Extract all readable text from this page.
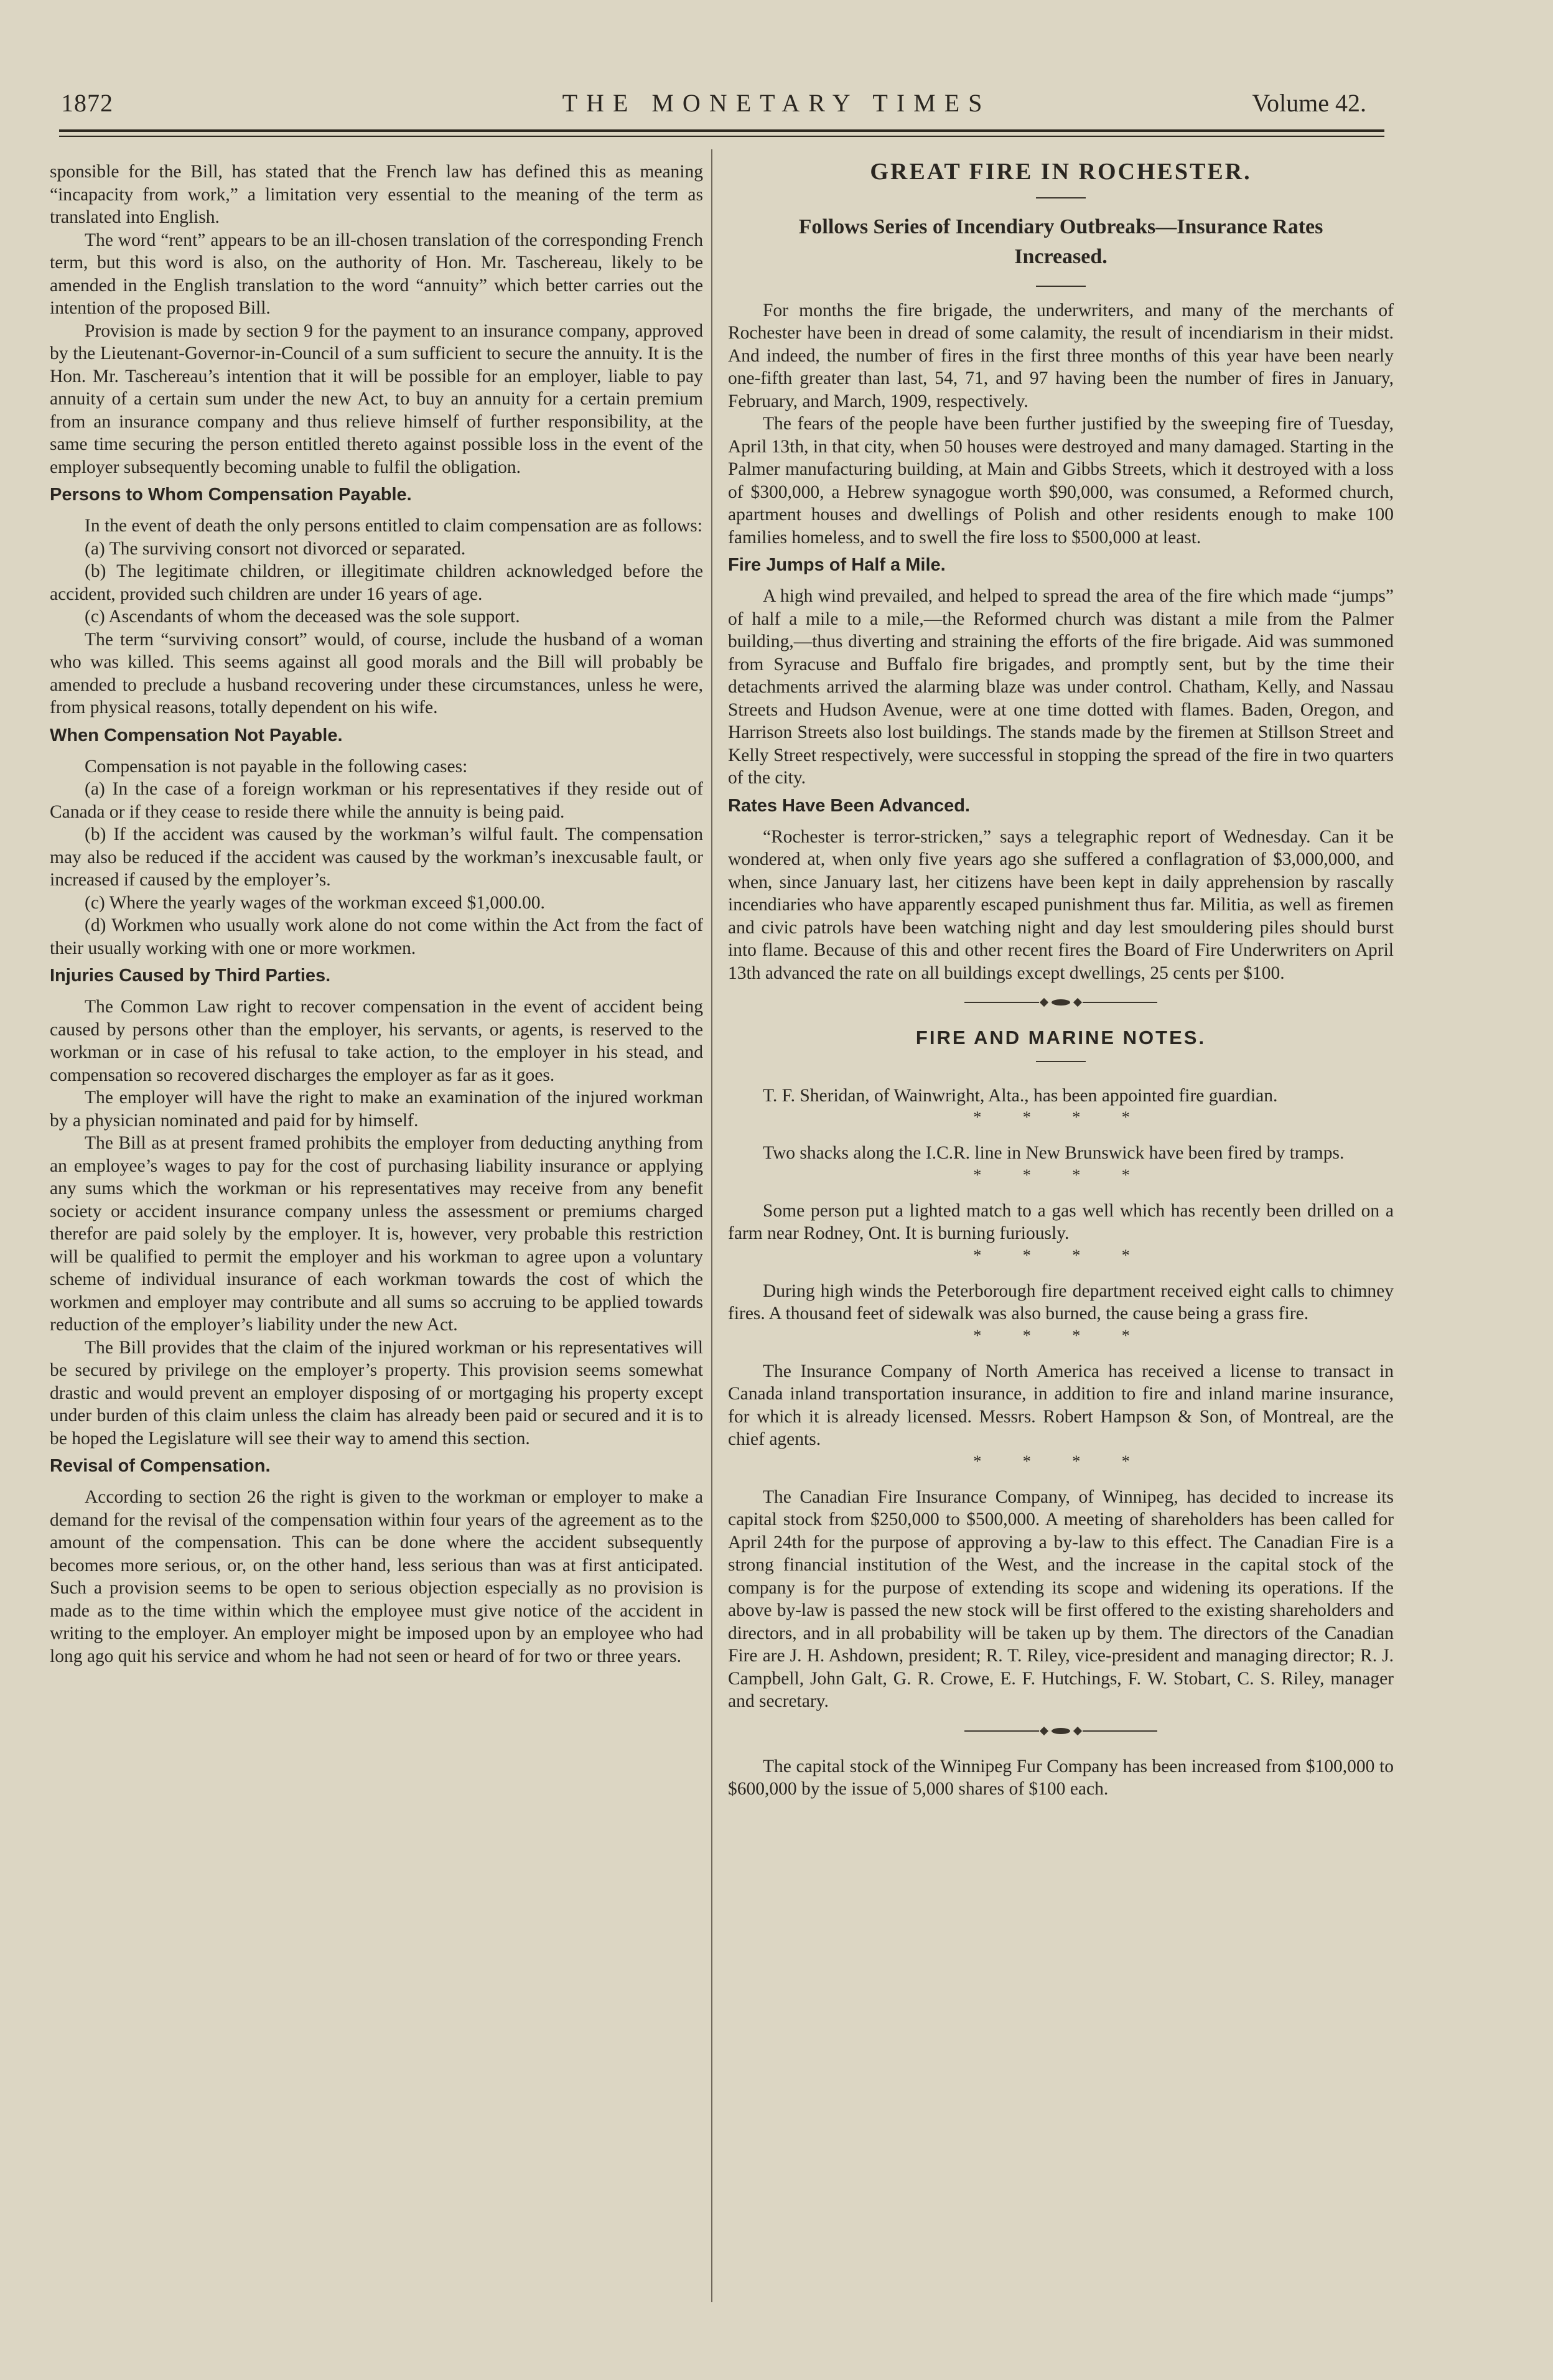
1872	THE MONETARY TIMES	Volume 42.

sponsible for the Bill, has stated that the French law has defined this as meaning “incapacity from work,” a limitation very essential to the meaning of the term as translated into English.

The word “rent” appears to be an ill-chosen translation of the corresponding French term, but this word is also, on the authority of Hon. Mr. Taschereau, likely to be amended in the English translation to the word “annuity” which better carries out the intention of the proposed Bill.

Provision is made by section 9 for the payment to an insurance company, approved by the Lieutenant-Governor-in-Council of a sum sufficient to secure the annuity. It is the Hon. Mr. Taschereau’s intention that it will be possible for an employer, liable to pay annuity of a certain sum under the new Act, to buy an annuity for a certain premium from an insurance company and thus relieve himself of further responsibility, at the same time securing the person entitled thereto against possible loss in the event of the employer subsequently becoming unable to fulfil the obligation.

Persons to Whom Compensation Payable.

In the event of death the only persons entitled to claim compensation are as follows:

(a) The surviving consort not divorced or separated.

(b) The legitimate children, or illegitimate children acknowledged before the accident, provided such children are under 16 years of age.

(c) Ascendants of whom the deceased was the sole support.

The term “surviving consort” would, of course, include the husband of a woman who was killed. This seems against all good morals and the Bill will probably be amended to preclude a husband recovering under these circumstances, unless he were, from physical reasons, totally dependent on his wife.

When Compensation Not Payable.

Compensation is not payable in the following cases:

(a) In the case of a foreign workman or his representatives if they reside out of Canada or if they cease to reside there while the annuity is being paid.

(b) If the accident was caused by the workman’s wilful fault. The compensation may also be reduced if the accident was caused by the workman’s inexcusable fault, or increased if caused by the employer’s.

(c) Where the yearly wages of the workman exceed $1,000.00.

(d) Workmen who usually work alone do not come within the Act from the fact of their usually working with one or more workmen.

Injuries Caused by Third Parties.

The Common Law right to recover compensation in the event of accident being caused by persons other than the employer, his servants, or agents, is reserved to the workman or in case of his refusal to take action, to the employer in his stead, and compensation so recovered discharges the employer as far as it goes.

The employer will have the right to make an examination of the injured workman by a physician nominated and paid for by himself.

The Bill as at present framed prohibits the employer from deducting anything from an employee’s wages to pay for the cost of purchasing liability insurance or applying any sums which the workman or his representatives may receive from any benefit society or accident insurance company unless the assessment or premiums charged therefor are paid solely by the employer. It is, however, very probable this restriction will be qualified to permit the employer and his workman to agree upon a voluntary scheme of individual insurance of each workman towards the cost of which the workmen and employer may contribute and all sums so accruing to be applied towards reduction of the employer’s liability under the new Act.

The Bill provides that the claim of the injured workman or his representatives will be secured by privilege on the employer’s property. This provision seems somewhat drastic and would prevent an employer disposing of or mortgaging his property except under burden of this claim unless the claim has already been paid or secured and it is to be hoped the Legislature will see their way to amend this section.

Revisal of Compensation.

According to section 26 the right is given to the workman or employer to make a demand for the revisal of the compensation within four years of the agreement as to the amount of the compensation. This can be done where the accident subsequently becomes more serious, or, on the other hand, less serious than was at first anticipated. Such a provision seems to be open to serious objection especially as no provision is made as to the time within which the employee must give notice of the accident in writing to the employer. An employer might be imposed upon by an employee who had long ago quit his service and whom he had not seen or heard of for two or three years.

GREAT FIRE IN ROCHESTER.
Follows Series of Incendiary Outbreaks—Insurance Rates Increased.

For months the fire brigade, the underwriters, and many of the merchants of Rochester have been in dread of some calamity, the result of incendiarism in their midst. And indeed, the number of fires in the first three months of this year have been nearly one-fifth greater than last, 54, 71, and 97 having been the number of fires in January, February, and March, 1909, respectively.

The fears of the people have been further justified by the sweeping fire of Tuesday, April 13th, in that city, when 50 houses were destroyed and many damaged. Starting in the Palmer manufacturing building, at Main and Gibbs Streets, which it destroyed with a loss of $300,000, a Hebrew synagogue worth $90,000, was consumed, a Reformed church, apartment houses and dwellings of Polish and other residents enough to make 100 families homeless, and to swell the fire loss to $500,000 at least.

Fire Jumps of Half a Mile.

A high wind prevailed, and helped to spread the area of the fire which made “jumps” of half a mile to a mile,—the Reformed church was distant a mile from the Palmer building,—thus diverting and straining the efforts of the fire brigade. Aid was summoned from Syracuse and Buffalo fire brigades, and promptly sent, but by the time their detachments arrived the alarming blaze was under control. Chatham, Kelly, and Nassau Streets and Hudson Avenue, were at one time dotted with flames. Baden, Oregon, and Harrison Streets also lost buildings. The stands made by the firemen at Stillson Street and Kelly Street respectively, were successful in stopping the spread of the fire in two quarters of the city.

Rates Have Been Advanced.

“Rochester is terror-stricken,” says a telegraphic report of Wednesday. Can it be wondered at, when only five years ago she suffered a conflagration of $3,000,000, and when, since January last, her citizens have been kept in daily apprehension by rascally incendiaries who have apparently escaped punishment thus far. Militia, as well as firemen and civic patrols have been watching night and day lest smouldering piles should burst into flame. Because of this and other recent fires the Board of Fire Underwriters on April 13th advanced the rate on all buildings except dwellings, 25 cents per $100.

FIRE AND MARINE NOTES.

T. F. Sheridan, of Wainwright, Alta., has been appointed fire guardian.

* * * *

Two shacks along the I.C.R. line in New Brunswick have been fired by tramps.

* * * *

Some person put a lighted match to a gas well which has recently been drilled on a farm near Rodney, Ont. It is burning furiously.

* * * *

During high winds the Peterborough fire department received eight calls to chimney fires. A thousand feet of sidewalk was also burned, the cause being a grass fire.

* * * *

The Insurance Company of North America has received a license to transact in Canada inland transportation insurance, in addition to fire and inland marine insurance, for which it is already licensed. Messrs. Robert Hampson & Son, of Montreal, are the chief agents.

* * * *

The Canadian Fire Insurance Company, of Winnipeg, has decided to increase its capital stock from $250,000 to $500,000. A meeting of shareholders has been called for April 24th for the purpose of approving a by-law to this effect. The Canadian Fire is a strong financial institution of the West, and the increase in the capital stock of the company is for the purpose of extending its scope and widening its operations. If the above by-law is passed the new stock will be first offered to the existing shareholders and directors, and in all probability will be taken up by them. The directors of the Canadian Fire are J. H. Ashdown, president; R. T. Riley, vice-president and managing director; R. J. Campbell, John Galt, G. R. Crowe, E. F. Hutchings, F. W. Stobart, C. S. Riley, manager and secretary.

The capital stock of the Winnipeg Fur Company has been increased from $100,000 to $600,000 by the issue of 5,000 shares of $100 each.
